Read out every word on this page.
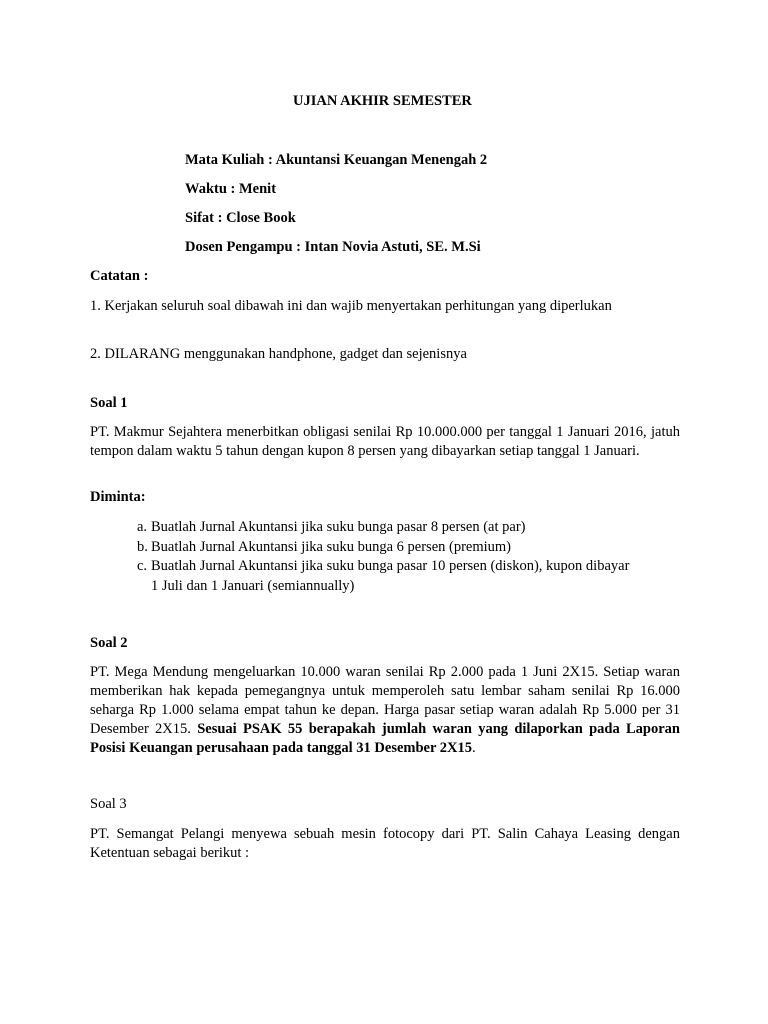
UJIAN AKHIR SEMESTER
Mata Kuliah : Akuntansi Keuangan Menengah 2
Waktu : Menit
Sifat : Close Book
Dosen Pengampu : Intan Novia Astuti, SE. M.Si
Catatan :
1. Kerjakan seluruh soal dibawah ini dan wajib menyertakan perhitungan yang diperlukan
2. DILARANG menggunakan handphone, gadget dan sejenisnya
Soal 1
PT. Makmur Sejahtera menerbitkan obligasi senilai Rp 10.000.000 per tanggal 1 Januari 2016, jatuh tempon dalam waktu 5 tahun dengan kupon 8 persen yang dibayarkan setiap tanggal 1 Januari.
Diminta:
a. Buatlah Jurnal Akuntansi jika suku bunga pasar 8 persen (at par)
b. Buatlah Jurnal Akuntansi jika suku bunga 6 persen (premium)
c. Buatlah Jurnal Akuntansi jika suku bunga pasar 10 persen (diskon), kupon dibayar
1 Juli dan 1 Januari (semiannually)
Soal 2
PT. Mega Mendung mengeluarkan 10.000 waran senilai Rp 2.000 pada 1 Juni 2X15. Setiap waran memberikan hak kepada pemegangnya untuk memperoleh satu lembar saham senilai Rp 16.000 seharga Rp 1.000 selama empat tahun ke depan. Harga pasar setiap waran adalah Rp 5.000 per 31 Desember 2X15. Sesuai PSAK 55 berapakah jumlah waran yang dilaporkan pada Laporan Posisi Keuangan perusahaan pada tanggal 31 Desember 2X15.
Soal 3
PT. Semangat Pelangi menyewa sebuah mesin fotocopy dari PT. Salin Cahaya Leasing dengan Ketentuan sebagai berikut :
